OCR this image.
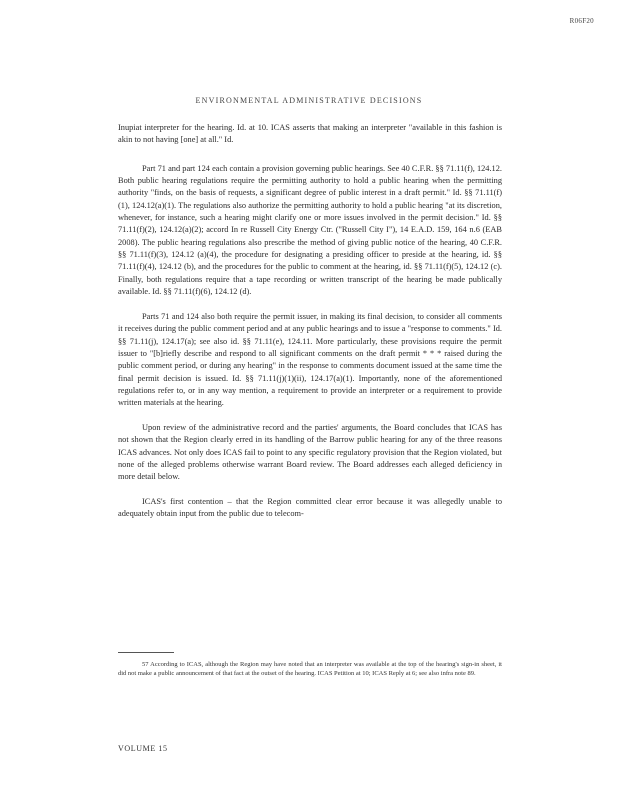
R06F20
ENVIRONMENTAL ADMINISTRATIVE DECISIONS

Inupiat interpreter for the hearing. Id. at 10. ICAS asserts that making an interpreter "available in this fashion is akin to not having [one] at all." Id.

Part 71 and part 124 each contain a provision governing public hearings. See 40 C.F.R. §§ 71.11(f), 124.12. Both public hearing regulations require the permitting authority to hold a public hearing when the permitting authority "finds, on the basis of requests, a significant degree of public interest in a draft permit." Id. §§ 71.11(f)(1), 124.12(a)(1). The regulations also authorize the permitting authority to hold a public hearing "at its discretion, whenever, for instance, such a hearing might clarify one or more issues involved in the permit decision." Id. §§ 71.11(f)(2), 124.12(a)(2); accord In re Russell City Energy Ctr. ("Russell City I"), 14 E.A.D. 159, 164 n.6 (EAB 2008). The public hearing regulations also prescribe the method of giving public notice of the hearing, 40 C.F.R. §§ 71.11(f)(3), 124.12 (a)(4), the procedure for designating a presiding officer to preside at the hearing, id. §§ 71.11(f)(4), 124.12 (b), and the procedures for the public to comment at the hearing, id. §§ 71.11(f)(5), 124.12 (c). Finally, both regulations require that a tape recording or written transcript of the hearing be made publically available. Id. §§ 71.11(f)(6), 124.12 (d).

Parts 71 and 124 also both require the permit issuer, in making its final decision, to consider all comments it receives during the public comment period and at any public hearings and to issue a "response to comments." Id. §§ 71.11(j), 124.17(a); see also id. §§ 71.11(e), 124.11. More particularly, these provisions require the permit issuer to "[b]riefly describe and respond to all significant comments on the draft permit * * * raised during the public comment period, or during any hearing" in the response to comments document issued at the same time the final permit decision is issued. Id. §§ 71.11(j)(1)(ii), 124.17(a)(1). Importantly, none of the aforementioned regulations refer to, or in any way mention, a requirement to provide an interpreter or a requirement to provide written materials at the hearing.

Upon review of the administrative record and the parties' arguments, the Board concludes that ICAS has not shown that the Region clearly erred in its handling of the Barrow public hearing for any of the three reasons ICAS advances. Not only does ICAS fail to point to any specific regulatory provision that the Region violated, but none of the alleged problems otherwise warrant Board review. The Board addresses each alleged deficiency in more detail below.

ICAS's first contention – that the Region committed clear error because it was allegedly unable to adequately obtain input from the public due to telecom-

57 According to ICAS, although the Region may have noted that an interpreter was available at the top of the hearing's sign-in sheet, it did not make a public announcement of that fact at the outset of the hearing. ICAS Petition at 10; ICAS Reply at 6; see also infra note 89.
VOLUME 15
